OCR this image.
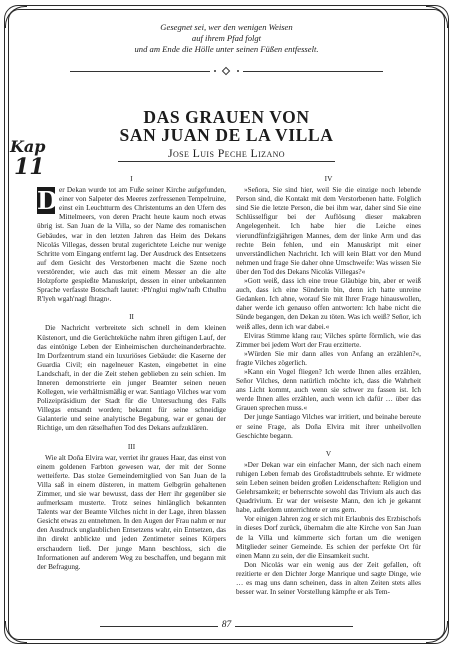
Gesegnet sei, wer den wenigen Weisen
auf ihrem Pfad folgt
und am Ende die Hölle unter seinen Füßen entfesselt.
Kap
11
DAS GRAUEN VON
SAN JUAN DE LA VILLA
Jose Luis Peche Lizano
I

D er Dekan wurde tot am Fuße seiner Kirche aufgefunden, einer von Salpeter des Meeres zerfressenen Tempelruine, einst ein Leuchtturm des Christentums an den Ufern des Mittelmeers, von deren Pracht heute kaum noch etwas übrig ist. San Juan de la Villa, so der Name des romanischen Gebäudes, war in den letzten Jahren das Heim des Dekans Nicolás Villegas, dessen brutal zugerichtete Leiche nur wenige Schritte vom Eingang entfernt lag. Der Ausdruck des Entsetzens auf dem Gesicht des Verstorbenen macht die Szene noch verstörender, wie auch das mit einem Messer an die alte Holzpforte gespießte Manuskript, dessen in einer unbekannten Sprache verfasste Botschaft lautet: ›Ph'nglui mglw'nafh Cthulhu R'lyeh wgah'nagl fhtagn‹.

II

Die Nachricht verbreitete sich schnell in dem kleinen Küstenort, und die Gerüchteküche nahm ihren giftigen Lauf, der das eintönige Leben der Einheimischen durcheinanderbrachte. Im Dorfzentrum stand ein luxuriöses Gebäude: die Kaserne der Guardia Civil; ein nagelneuer Kasten, eingebettet in eine Landschaft, in der die Zeit stehen geblieben zu sein schien. Im Inneren demonstrierte ein junger Beamter seinen neuen Kollegen, wie verhältnismäßig er war. Santiago Vilches war vom Polizeipräsidium der Stadt für die Untersuchung des Falls Villegas entsandt worden; bekannt für seine schneidige Galanterie und seine analytische Begabung, war er genau der Richtige, um den rätselhaften Tod des Dekans aufzuklären.

III

Wie alt Doña Elvira war, verriet ihr graues Haar, das einst von einem goldenen Farbton gewesen war, der mit der Sonne wetteiferte. Das stolze Gemeindemitglied von San Juan de la Villa saß in einem düsteren, in mattem Gelbgrün gehaltenen Zimmer, und sie war bewusst, dass der Herr ihr gegenüber sie aufmerksam musterte. Trotz seines hinlänglich bekannten Talents war der Beamte Vilches nicht in der Lage, ihren blassen Gesicht etwas zu entnehmen. In den Augen der Frau nahm er nur den Ausdruck unglaublichen Entsetzens wahr, ein Entsetzen, das ihn direkt anblickte und jeden Zentimeter seines Körpers erschaudern ließ. Der junge Mann beschloss, sich die Informationen auf anderem Weg zu beschaffen, und begann mit der Befragung.

IV

»Señora, Sie sind hier, weil Sie die einzige noch lebende Person sind, die Kontakt mit dem Verstorbenen hatte. Folglich sind Sie die letzte Person, die bei ihm war, daher sind Sie eine Schlüsselfigur bei der Auflösung dieser makabren Angelegenheit. Ich habe hier die Leiche eines vierundfünfzigjährigen Mannes, dem der linke Arm und das rechte Bein fehlen, und ein Manuskript mit einer unverständlichen Nachricht. Ich will kein Blatt vor den Mund nehmen und frage Sie daher ohne Umschweife: Was wissen Sie über den Tod des Dekans Nicolás Villegas?«

»Gott weiß, dass ich eine treue Gläubige bin, aber er weiß auch, dass ich eine Sünderin bin, denn ich hatte unreine Gedanken. Ich ahne, worauf Sie mit Ihrer Frage hinauswollen, daher werde ich genauso offen antworten: Ich habe nicht die Sünde begangen, den Dekan zu töten. Was ich weiß? Señor, ich weiß alles, denn ich war dabei.«

Elviras Stimme klang rau; Vilches spürte förmlich, wie das Zimmer bei jedem Wort der Frau erzitterte.

»Würden Sie mir dann alles von Anfang an erzählen?«, fragte Vilches zögerlich.

»Kann ein Vogel fliegen? Ich werde Ihnen alles erzählen, Señor Vilches, denn natürlich möchte ich, dass die Wahrheit ans Licht kommt, auch wenn sie schwer zu fassen ist. Ich werde Ihnen alles erzählen, auch wenn ich dafür … über das Grauen sprechen muss.«

Der junge Santiago Vilches war irritiert, und beinahe bereute er seine Frage, als Doña Elvira mit ihrer unheilvollen Geschichte begann.

V

»Der Dekan war ein einfacher Mann, der sich nach einem ruhigen Leben fernab des Großstadttrubels sehnte. Er widmete sein Leben seinen beiden großen Leidenschaften: Religion und Gelehrsamkeit; er beherrschte sowohl das Trivium als auch das Quadrivium. Er war der weiseste Mann, den ich je gekannt habe, außerdem unterrichtete er uns gern.

Vor einigen Jahren zog er sich mit Erlaubnis des Erzbischofs in dieses Dorf zurück, übernahm die alte Kirche von San Juan de la Villa und kümmerte sich fortan um die wenigen Mitglieder seiner Gemeinde. Es schien der perfekte Ort für einen Mann zu sein, der die Einsamkeit sucht.

Don Nicolás war ein wenig aus der Zeit gefallen, oft rezitierte er den Dichter Jorge Manrique und sagte Dinge, wie … es mag uns dann scheinen, dass in alten Zeiten stets alles besser war. In seiner Vorstellung kämpfte er als Tem-

87
